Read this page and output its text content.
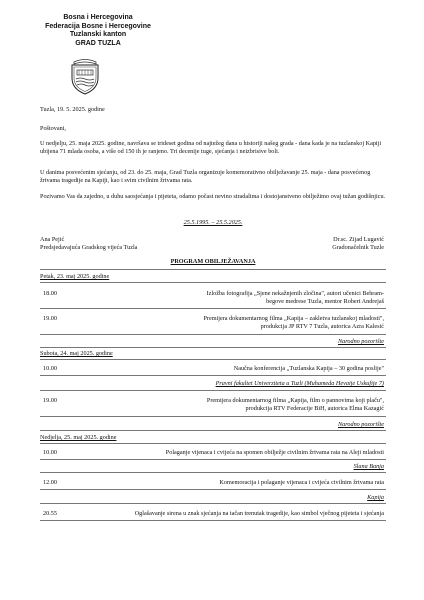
Bosna i Hercegovina
Federacija Bosne i Hercegovine
Tuzlanski kanton
GRAD TUZLA
Tuzla, 19. 5. 2025. godine
Poštovani,
U nedjelju, 25. maja 2025. godine, navršava se trideset godina od najtežeg dana u historiji našeg grada - dana kada je na tuzlanskoj Kapiji ubijena 71 mlada osoba, a više od 150 ih je ranjeno. Tri decenije tuge, sjećanja i neizbrisive boli.
U danima posvećenim sjećanju, od 23. do 25. maja, Grad Tuzla organizuje komemorativno obilježavanje 25. maja - dana posvećenog žrtvama tragedije na Kapiji, kao i svim civilnim žrtvama rata.
Pozivamo Vas da zajedno, u duhu saosjećanja i pijeteta, odamo počast nevino stradalima i dostojanstveno obilježimo ovaj tužan godišnjicu.
25.5.1995. – 25.5.2025.
Ana Pejić
Predsjedavajuća Gradskog vijeća Tuzla
Dr.sc. Zijad Lugavić
Gradonačelnik Tuzle
PROGRAM OBILJEŽAVANJA
Petak, 23. maj 2025. godine
18.00	Izložba fotografija „Sjene nekažnjenih zločina", autori učenici Behram-
begove medrese Tuzla, mentor Robert Andrejaš
19.00	Premijera dokumentarnog filma „Kapija – zakletva tuzlanskoj mladosti",
produkcija JP RTV 7 Tuzla, autorica Azra Kalesić
Narodno pozorište
Subota, 24. maj 2025. godine
10.00	Naučna konferencija „Tuzlanska Kapija – 30 godina poslije"
Pravni fakultet Univerziteta u Tuzli (Muhameda Hevaije Uskufije 7)
19.00	Premijera dokumentarnog filma „Kapija, film o pannovima koji plaču",
produkcija RTV Federacije BiH, autorica Elma Kazagić
Narodno pozorište
Nedjelja, 25. maj 2025. godine
10.00	Polaganje vijenaca i cvijeća na spomen obilježje civilnim žrtvama rata na Aleji mladosti
Slana Banja
12.00	Komemoracija i polaganje vijenaca i cvijeća civilnim žrtvama rata
Kapija
20.55	Oglašavanje sirena u znak sjećanja na tačan trenutak tragedije, kao simbol vječnog pijeteta i sjećanja
